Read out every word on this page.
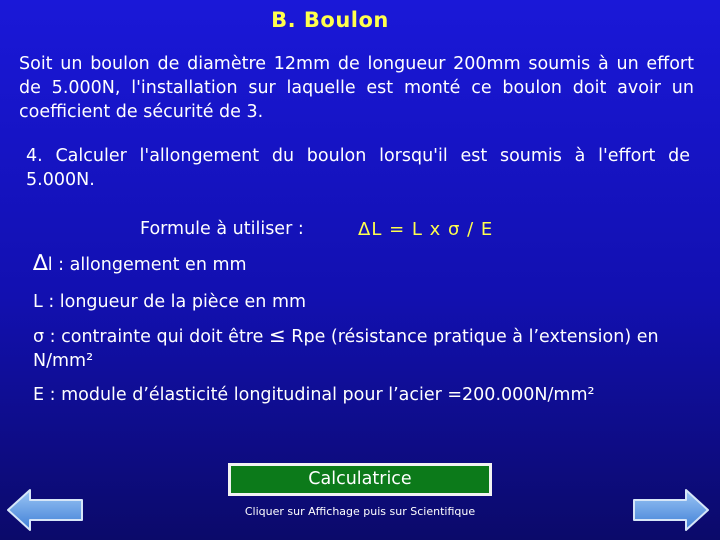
B. Boulon
Soit un boulon de diamètre 12mm de longueur 200mm soumis à un effort de 5.000N, l'installation sur laquelle est monté ce boulon doit avoir un coefficient de sécurité de 3.
4. Calculer l'allongement du boulon lorsqu'il est soumis à l'effort de 5.000N.
Formule à utiliser :	ΔL = L x σ / E
∆l : allongement en mm
L : longueur de la pièce en mm
σ : contrainte qui doit être ≤ Rpe (résistance pratique à l’extension) en N/mm²
E : module d’élasticité longitudinal pour l’acier =200.000N/mm²
Calculatrice
Cliquer sur Affichage puis sur Scientifique
